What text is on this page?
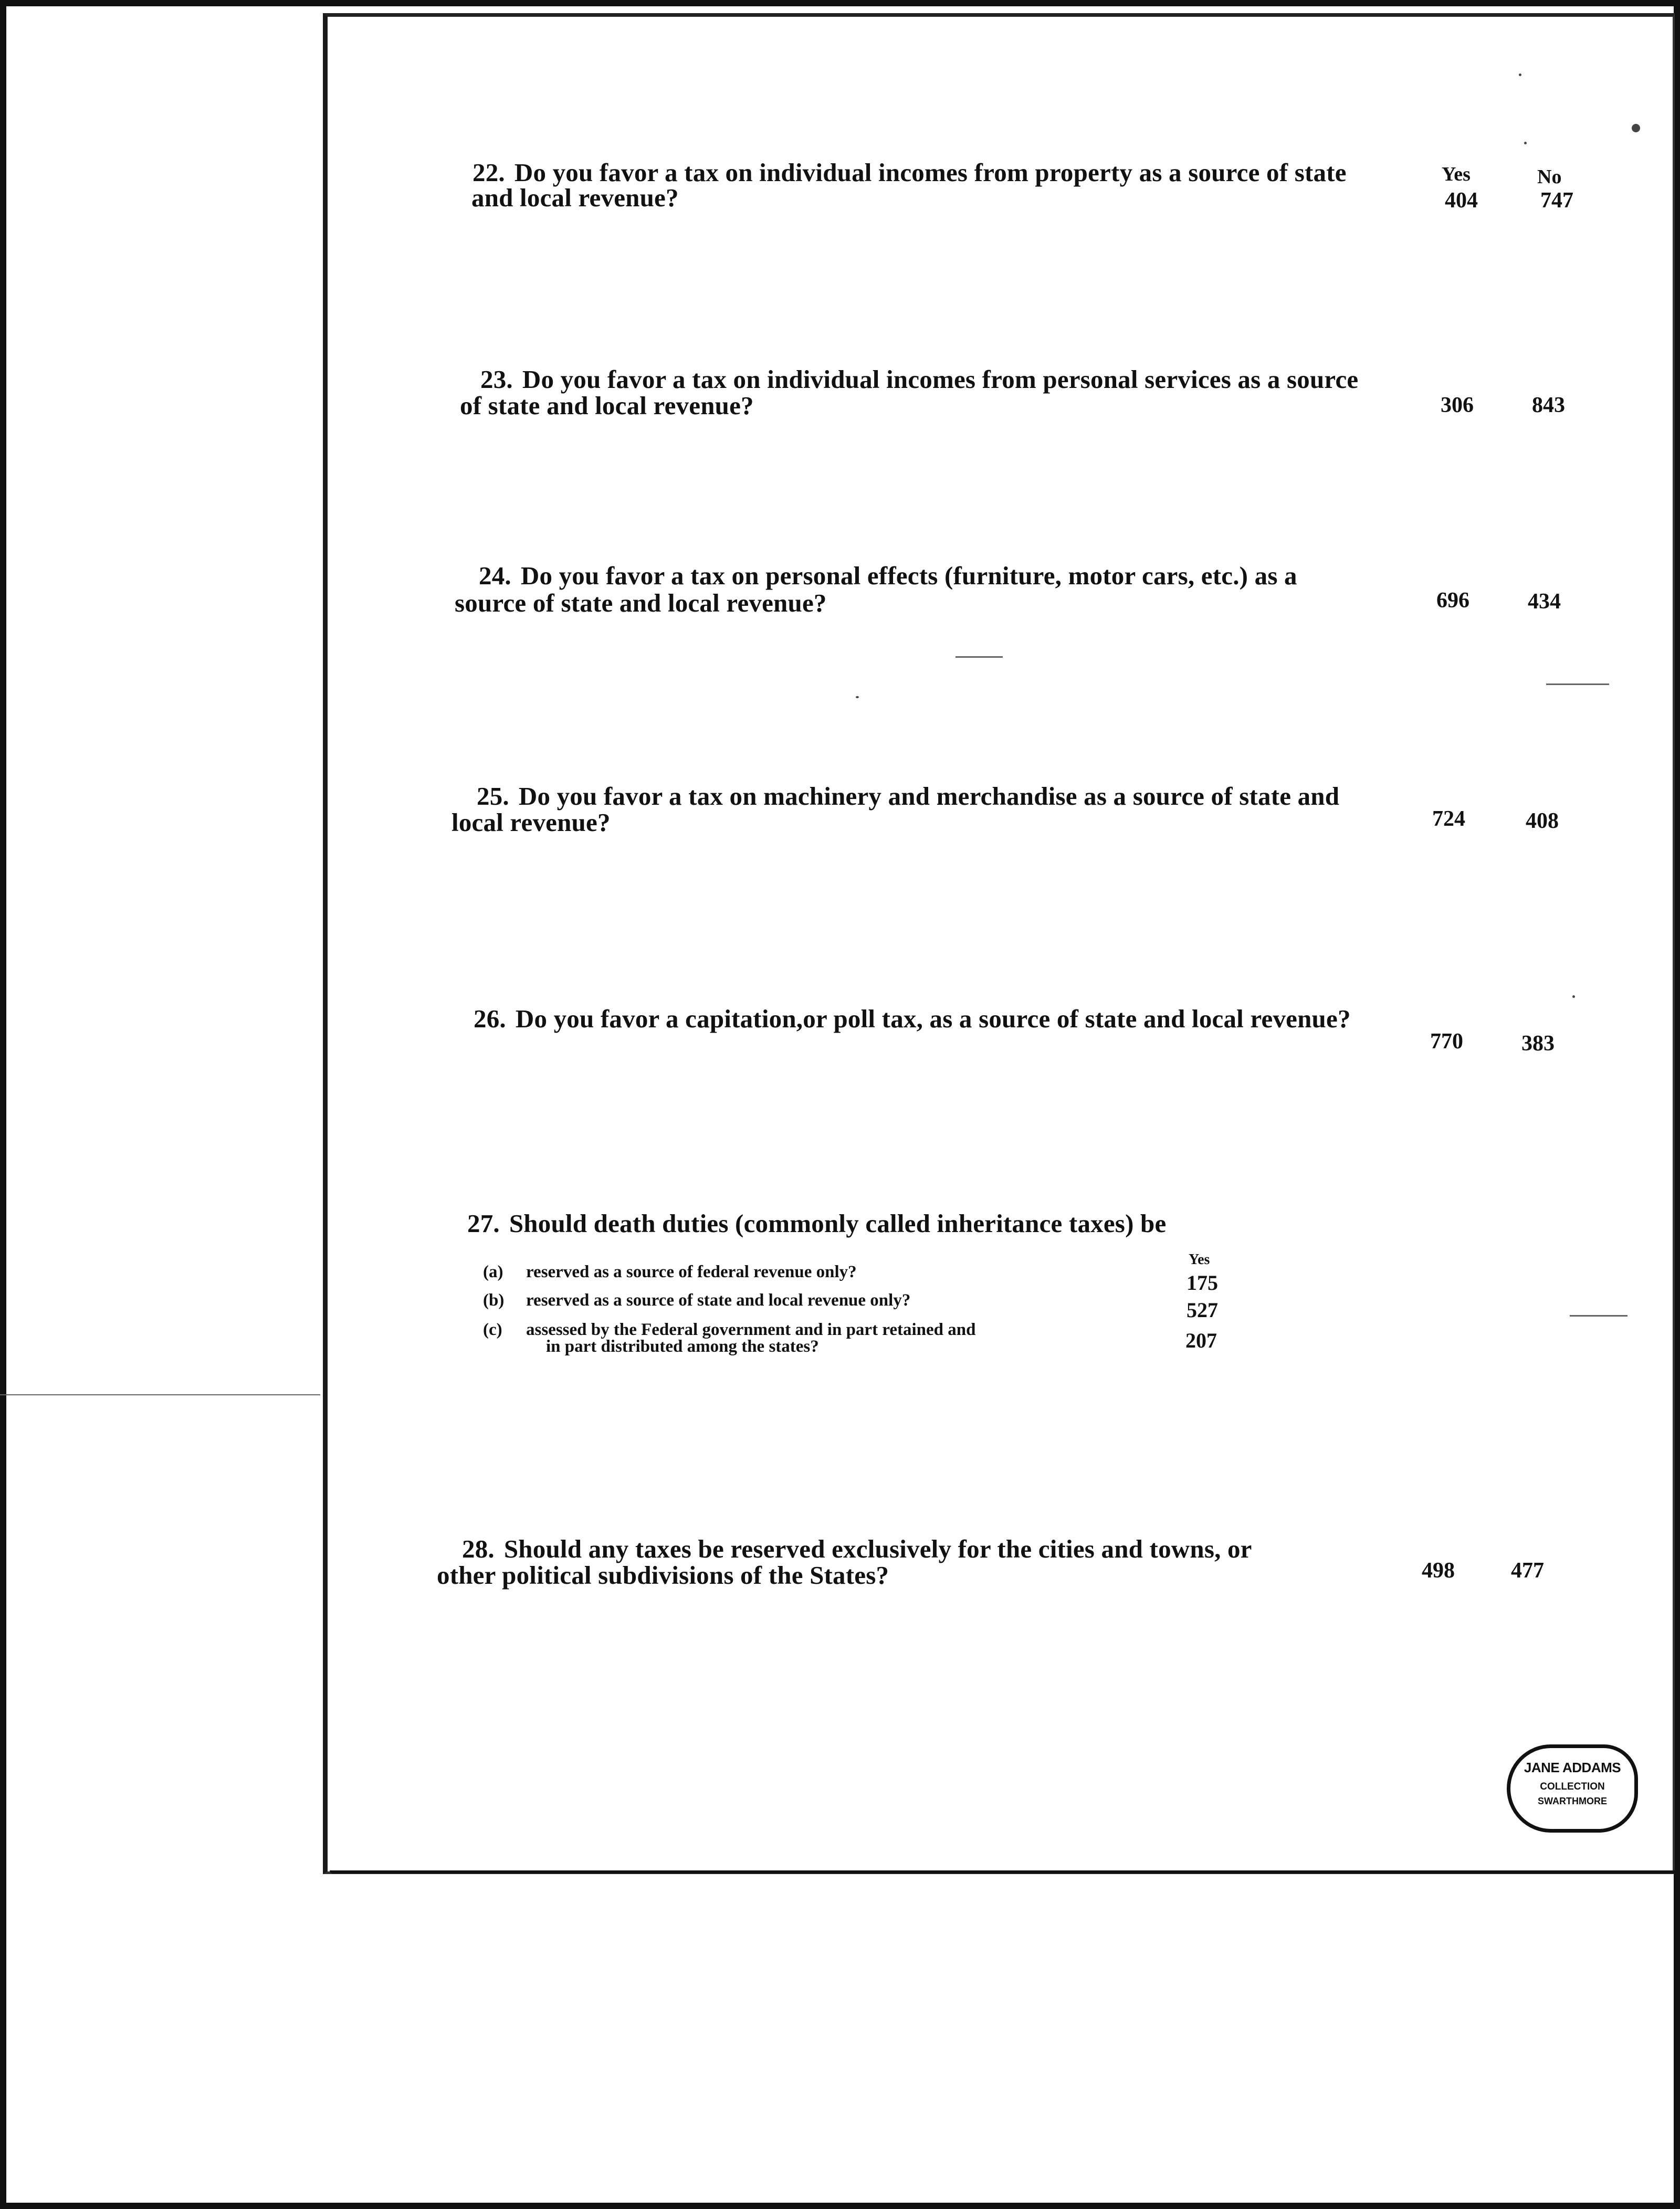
Yes	No
22. Do you favor a tax on individual incomes from property as a source of state
and local revenue?	404	747
23. Do you favor a tax on individual incomes from personal services as a source
of state and local revenue?	306	843
24. Do you favor a tax on personal effects (furniture, motor cars, etc.) as a
source of state and local revenue?	696	434
25. Do you favor a tax on machinery and merchandise as a source of state and
local revenue?	724	408
26. Do you favor a capitation,or poll tax, as a source of state and local revenue?
770	383
27. Should death duties (commonly called inheritance taxes) be
Yes
(a) reserved as a source of federal revenue only?	175
(b) reserved as a source of state and local revenue only?	527
(c) assessed by the Federal government and in part retained and
in part distributed among the states?	207
28. Should any taxes be reserved exclusively for the cities and towns, or
other political subdivisions of the States?	498	477
JANE ADDAMS
COLLECTION
SWARTHMORE
